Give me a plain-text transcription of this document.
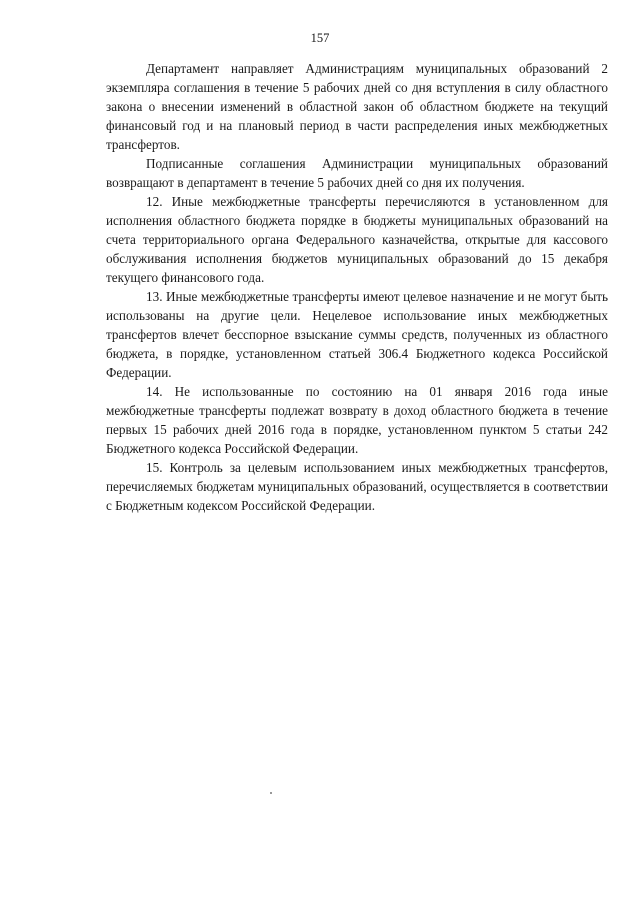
157

Департамент направляет Администрациям муниципальных образований 2 экземпляра соглашения в течение 5 рабочих дней со дня вступления в силу областного закона о внесении изменений в областной закон об областном бюджете на текущий финансовый год и на плановый период в части распределения иных межбюджетных трансфертов.

Подписанные соглашения Администрации муниципальных образований возвращают в департамент в течение 5 рабочих дней со дня их получения.

12. Иные межбюджетные трансферты перечисляются в установленном для исполнения областного бюджета порядке в бюджеты муниципальных образований на счета территориального органа Федерального казначейства, открытые для кассового обслуживания исполнения бюджетов муниципальных образований до 15 декабря текущего финансового года.

13. Иные межбюджетные трансферты имеют целевое назначение и не могут быть использованы на другие цели. Нецелевое использование иных межбюджетных трансфертов влечет бесспорное взыскание суммы средств, полученных из областного бюджета, в порядке, установленном статьей 306.4 Бюджетного кодекса Российской Федерации.

14. Не использованные по состоянию на 01 января 2016 года иные межбюджетные трансферты подлежат возврату в доход областного бюджета в течение первых 15 рабочих дней 2016 года в порядке, установленном пунктом 5 статьи 242 Бюджетного кодекса Российской Федерации.

15. Контроль за целевым использованием иных межбюджетных трансфертов, перечисляемых бюджетам муниципальных образований, осуществляется в соответствии с Бюджетным кодексом Российской Федерации.
